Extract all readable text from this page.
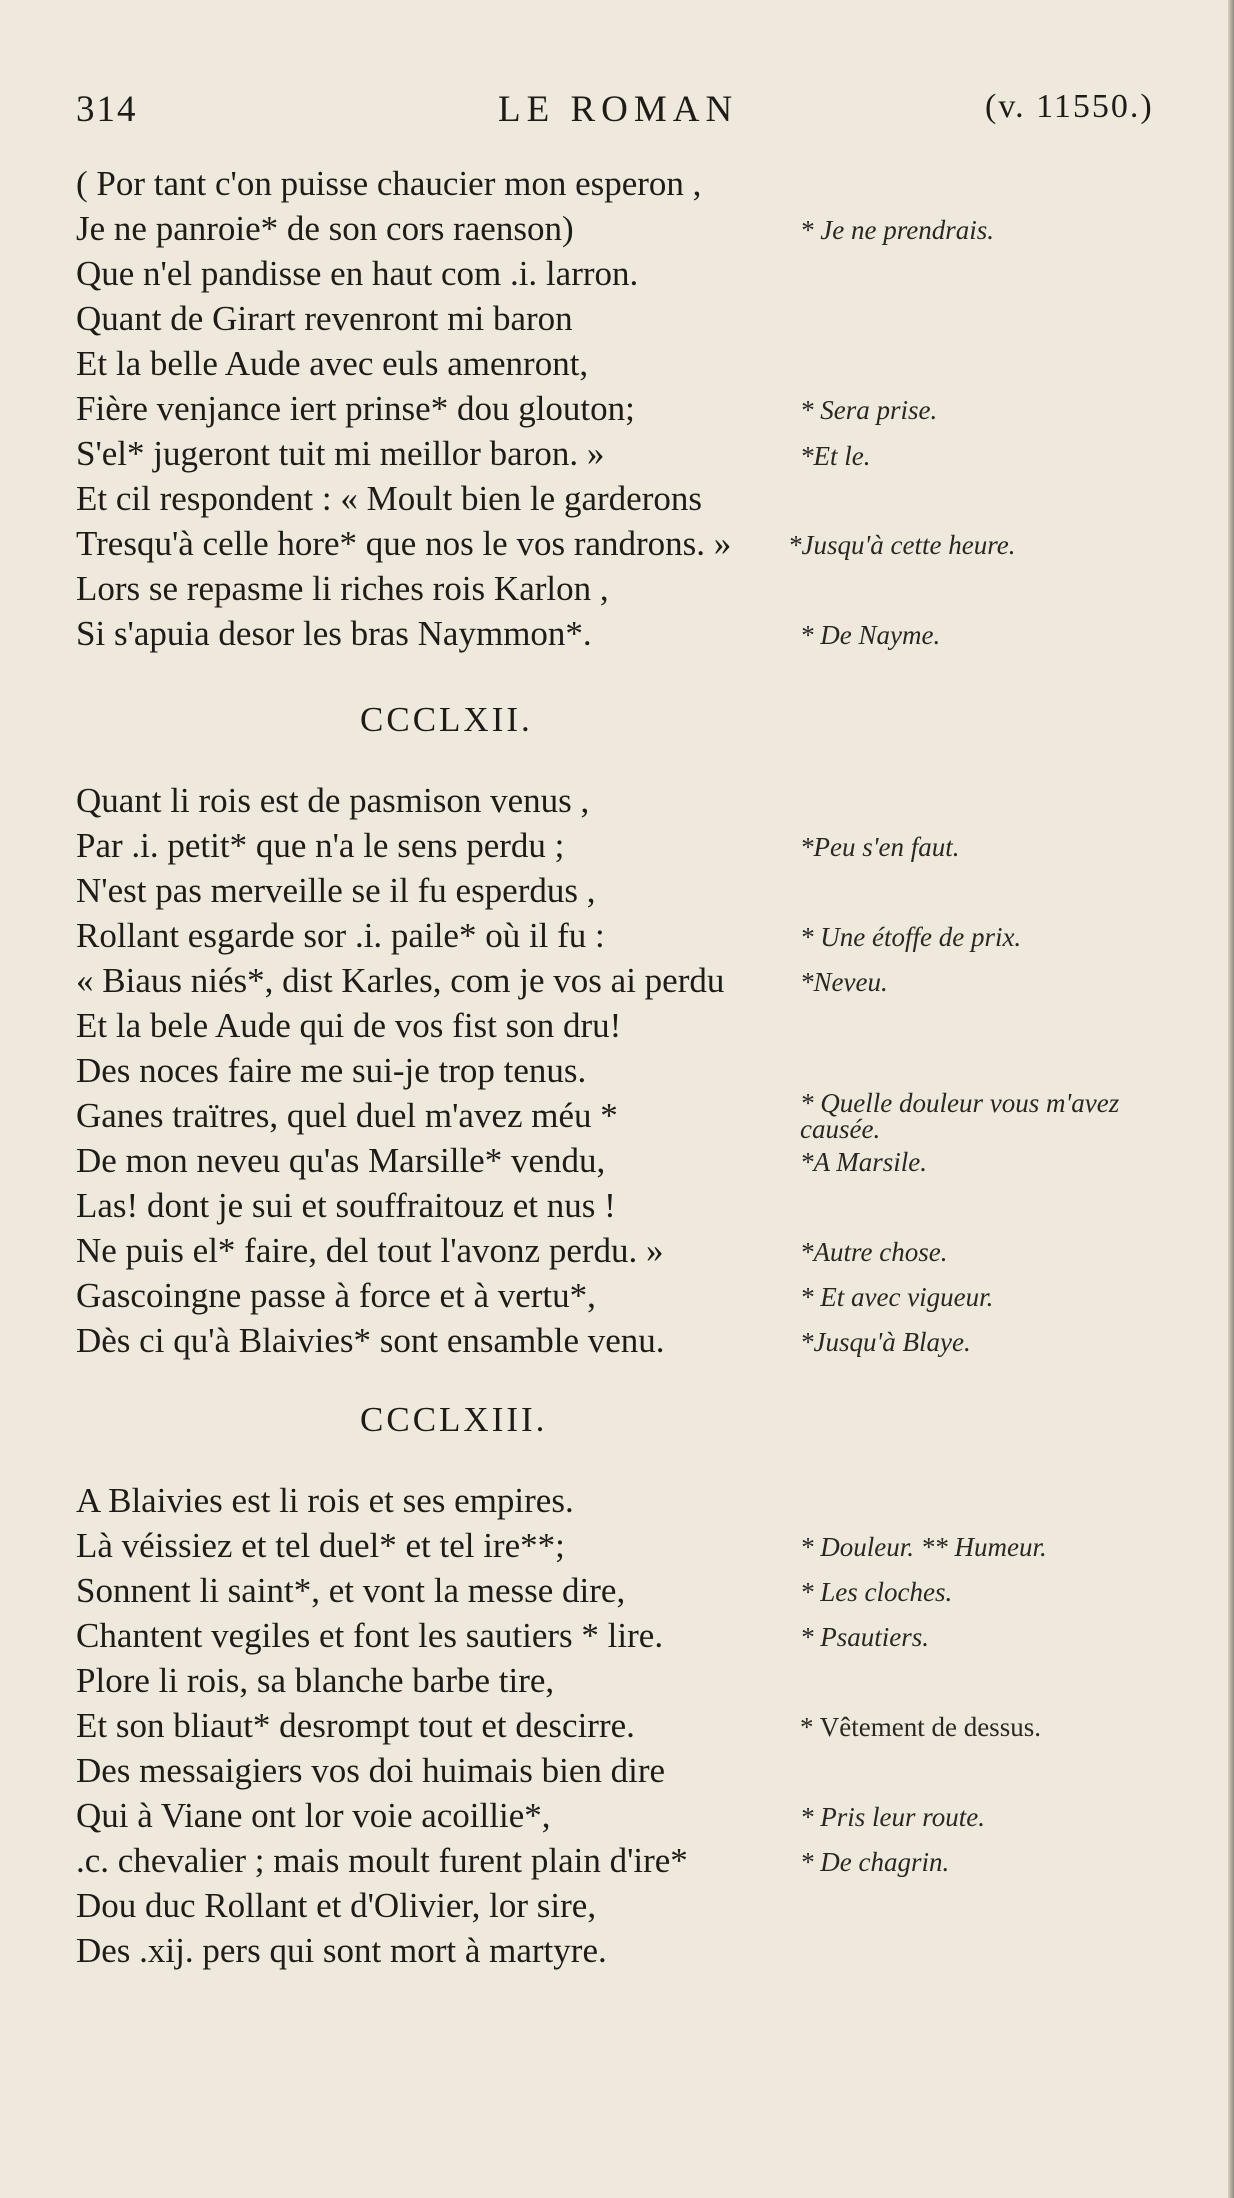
314	LE ROMAN	(v. 11550.)
( Por tant c'on puisse chaucier mon esperon ,
Je ne panroie* de son cors raenson)
Que n'el pandisse en haut com .i. larron.
Quant de Girart revenront mi baron
Et la belle Aude avec euls amenront,
Fière venjance iert prinse* dou glouton;
S'el* jugeront tuit mi meillor baron. »
Et cil respondent : « Moult bien le garderons
Tresqu'à celle hore* que nos le vos randrons. »
Lors se repasme li riches rois Karlon ,
Si s'apuia desor les bras Naymmon*.
* Je ne prendrais.
* Sera prise.
*Et le.
*Jusqu'à cette heure.
* De Nayme.
CCCLXII.
Quant li rois est de pasmison venus ,
Par .i. petit* que n'a le sens perdu ;
N'est pas merveille se il fu esperdus ,
Rollant esgarde sor .i. paile* où il fu :
« Biaus niés*, dist Karles, com je vos ai perdu
Et la bele Aude qui de vos fist son dru!
Des noces faire me sui-je trop tenus.
Ganes traïtres, quel duel m'avez méu *
De mon neveu qu'as Marsille* vendu,
Las! dont je sui et souffraitouz et nus !
Ne puis el* faire, del tout l'avonz perdu. »
Gascoingne passe à force et à vertu*,
Dès ci qu'à Blaivies* sont ensamble venu.
*Peu s'en faut.
* Une étoffe de prix.
*Neveu.
* Quelle douleur vous m'avez causée.
*A Marsile.
*Autre chose.
* Et avec vigueur.
*Jusqu'à Blaye.
CCCLXIII.
A Blaivies est li rois et ses empires.
Là véissiez et tel duel* et tel ire**;
Sonnent li saint*, et vont la messe dire,
Chantent vegiles et font les sautiers * lire.
Plore li rois, sa blanche barbe tire,
Et son bliaut* desrompt tout et descirre.
Des messaigiers vos doi huimais bien dire
Qui à Viane ont lor voie acoillie*,
.c. chevalier ; mais moult furent plain d'ire*
Dou duc Rollant et d'Olivier, lor sire,
Des .xij. pers qui sont mort à martyre.
* Douleur. ** Humeur.
* Les cloches.
* Psautiers.
* Vêtement de dessus.
* Pris leur route.
* De chagrin.
